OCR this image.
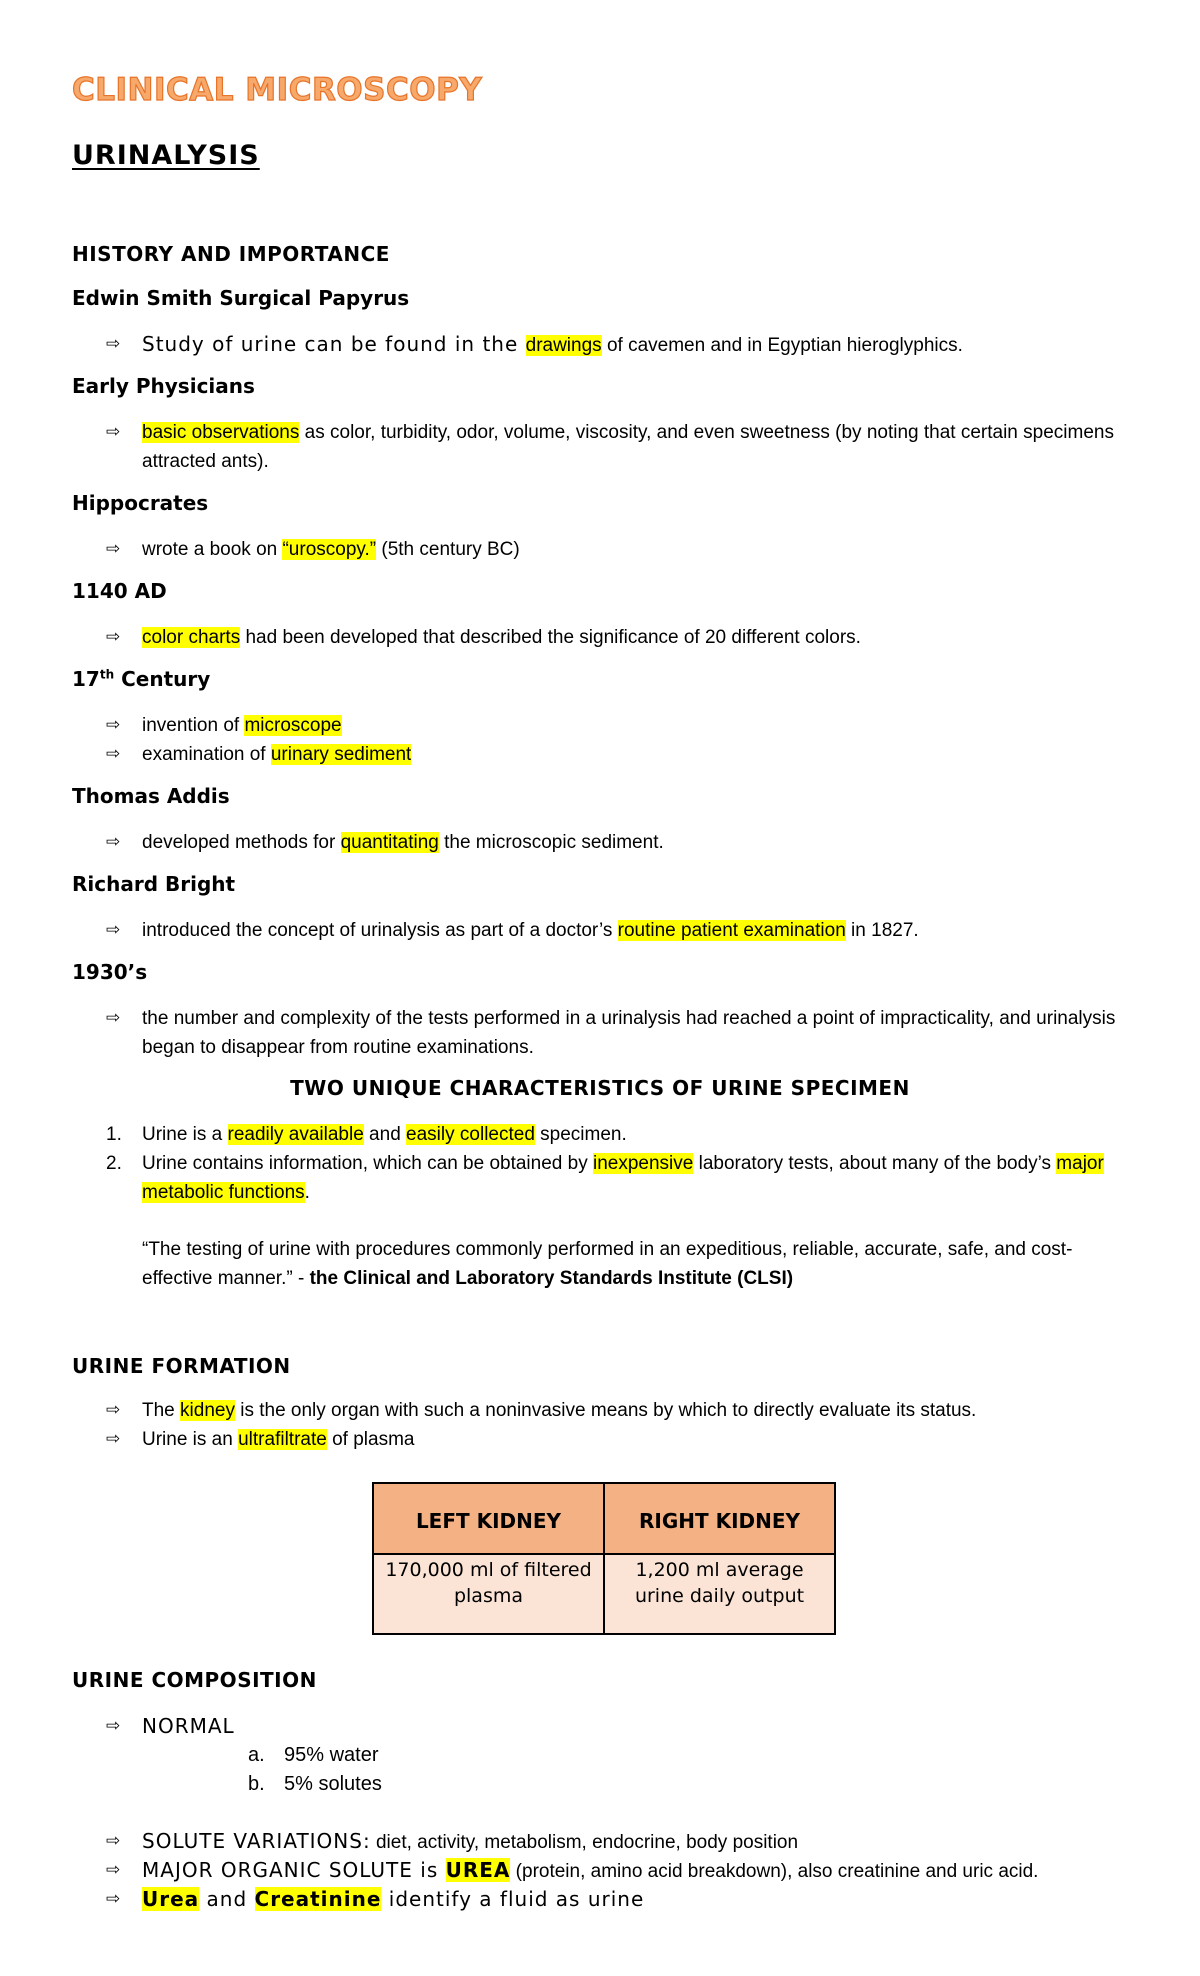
CLINICAL MICROSCOPY
URINALYSIS
HISTORY AND IMPORTANCE
Edwin Smith Surgical Papyrus
⇨ Study of urine can be found in the drawings of cavemen and in Egyptian hieroglyphics.

Early Physicians
⇨ basic observations as color, turbidity, odor, volume, viscosity, and even sweetness (by noting that certain specimens attracted ants).

Hippocrates
⇨ wrote a book on “uroscopy.” (5th century BC)

1140 AD
⇨ color charts had been developed that described the significance of 20 different colors.

17th Century
⇨ invention of microscope

⇨ examination of urinary sediment

Thomas Addis
⇨ developed methods for quantitating the microscopic sediment.

Richard Bright
⇨ introduced the concept of urinalysis as part of a doctor’s routine patient examination in 1827.

1930’s
⇨ the number and complexity of the tests performed in a urinalysis had reached a point of impracticality, and urinalysis began to disappear from routine examinations.

TWO UNIQUE CHARACTERISTICS OF URINE SPECIMEN
1. Urine is a readily available and easily collected specimen.

2. Urine contains information, which can be obtained by inexpensive laboratory tests, about many of the body’s major metabolic functions.

“The testing of urine with procedures commonly performed in an expeditious, reliable, accurate, safe, and cost-effective manner.” - the Clinical and Laboratory Standards Institute (CLSI)

URINE FORMATION
⇨ The kidney is the only organ with such a noninvasive means by which to directly evaluate its status.

⇨ Urine is an ultrafiltrate of plasma

LEFT KIDNEY	RIGHT KIDNEY
170,000 ml of filtered plasma	1,200 ml average urine daily output
URINE COMPOSITION
⇨ NORMAL

a. 95% water
b. 5% solutes
⇨ SOLUTE VARIATIONS: diet, activity, metabolism, endocrine, body position

⇨ MAJOR ORGANIC SOLUTE is UREA (protein, amino acid breakdown), also creatinine and uric acid.

⇨ Urea and Creatinine identify a fluid as urine
